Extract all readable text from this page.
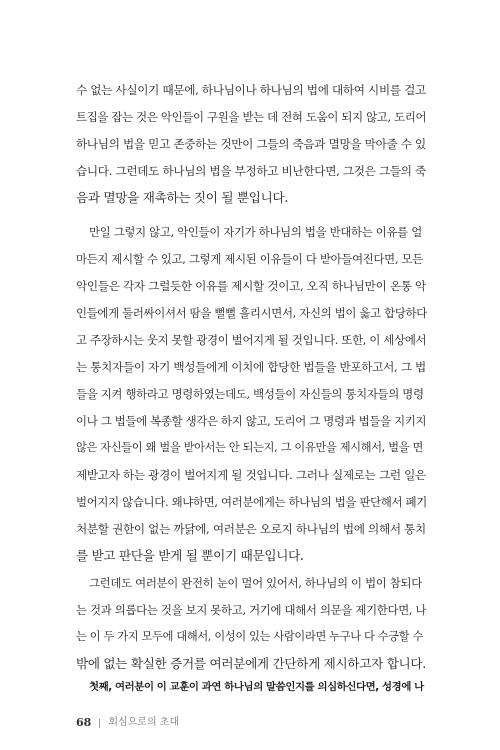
수 없는 사실이기 때문에, 하나님이나 하나님의 법에 대하여 시비를 걸고
트집을 잡는 것은 악인들이 구원을 받는 데 전혀 도움이 되지 않고, 도리어
하나님의 법을 믿고 존중하는 것만이 그들의 죽음과 멸망을 막아줄 수 있
습니다. 그런데도 하나님의 법을 부정하고 비난한다면, 그것은 그들의 죽
음과 멸망을 재촉하는 짓이 될 뿐입니다.
만일 그렇지 않고, 악인들이 자기가 하나님의 법을 반대하는 이유를 얼
마든지 제시할 수 있고, 그렇게 제시된 이유들이 다 받아들여진다면, 모든
악인들은 각자 그럴듯한 이유를 제시할 것이고, 오직 하나님만이 온통 악
인들에게 둘러싸이셔서 땀을 뻘뻘 흘리시면서, 자신의 법이 옳고 합당하다
고 주장하시는 웃지 못할 광경이 벌어지게 될 것입니다. 또한, 이 세상에서
는 통치자들이 자기 백성들에게 이치에 합당한 법들을 반포하고서, 그 법
들을 지켜 행하라고 명령하였는데도, 백성들이 자신들의 통치자들의 명령
이나 그 법들에 복종할 생각은 하지 않고, 도리어 그 명령과 법들을 지키지
않은 자신들이 왜 벌을 받아서는 안 되는지, 그 이유만을 제시해서, 벌을 면
제받고자 하는 광경이 벌어지게 될 것입니다. 그러나 실제로는 그런 일은
벌어지지 않습니다. 왜냐하면, 여러분에게는 하나님의 법을 판단해서 폐기
처분할 권한이 없는 까닭에, 여러분은 오로지 하나님의 법에 의해서 통치
를 받고 판단을 받게 될 뿐이기 때문입니다.
그런데도 여러분이 완전히 눈이 멀어 있어서, 하나님의 이 법이 참되다
는 것과 의롭다는 것을 보지 못하고, 거기에 대해서 의문을 제기한다면, 나
는 이 두 가지 모두에 대해서, 이성이 있는 사람이라면 누구나 다 수긍할 수
밖에 없는 확실한 증거를 여러분에게 간단하게 제시하고자 합니다.
첫째, 여러분이 이 교훈이 과연 하나님의 말씀인지를 의심하신다면, 성경에 나
68 회심으로의 초대
